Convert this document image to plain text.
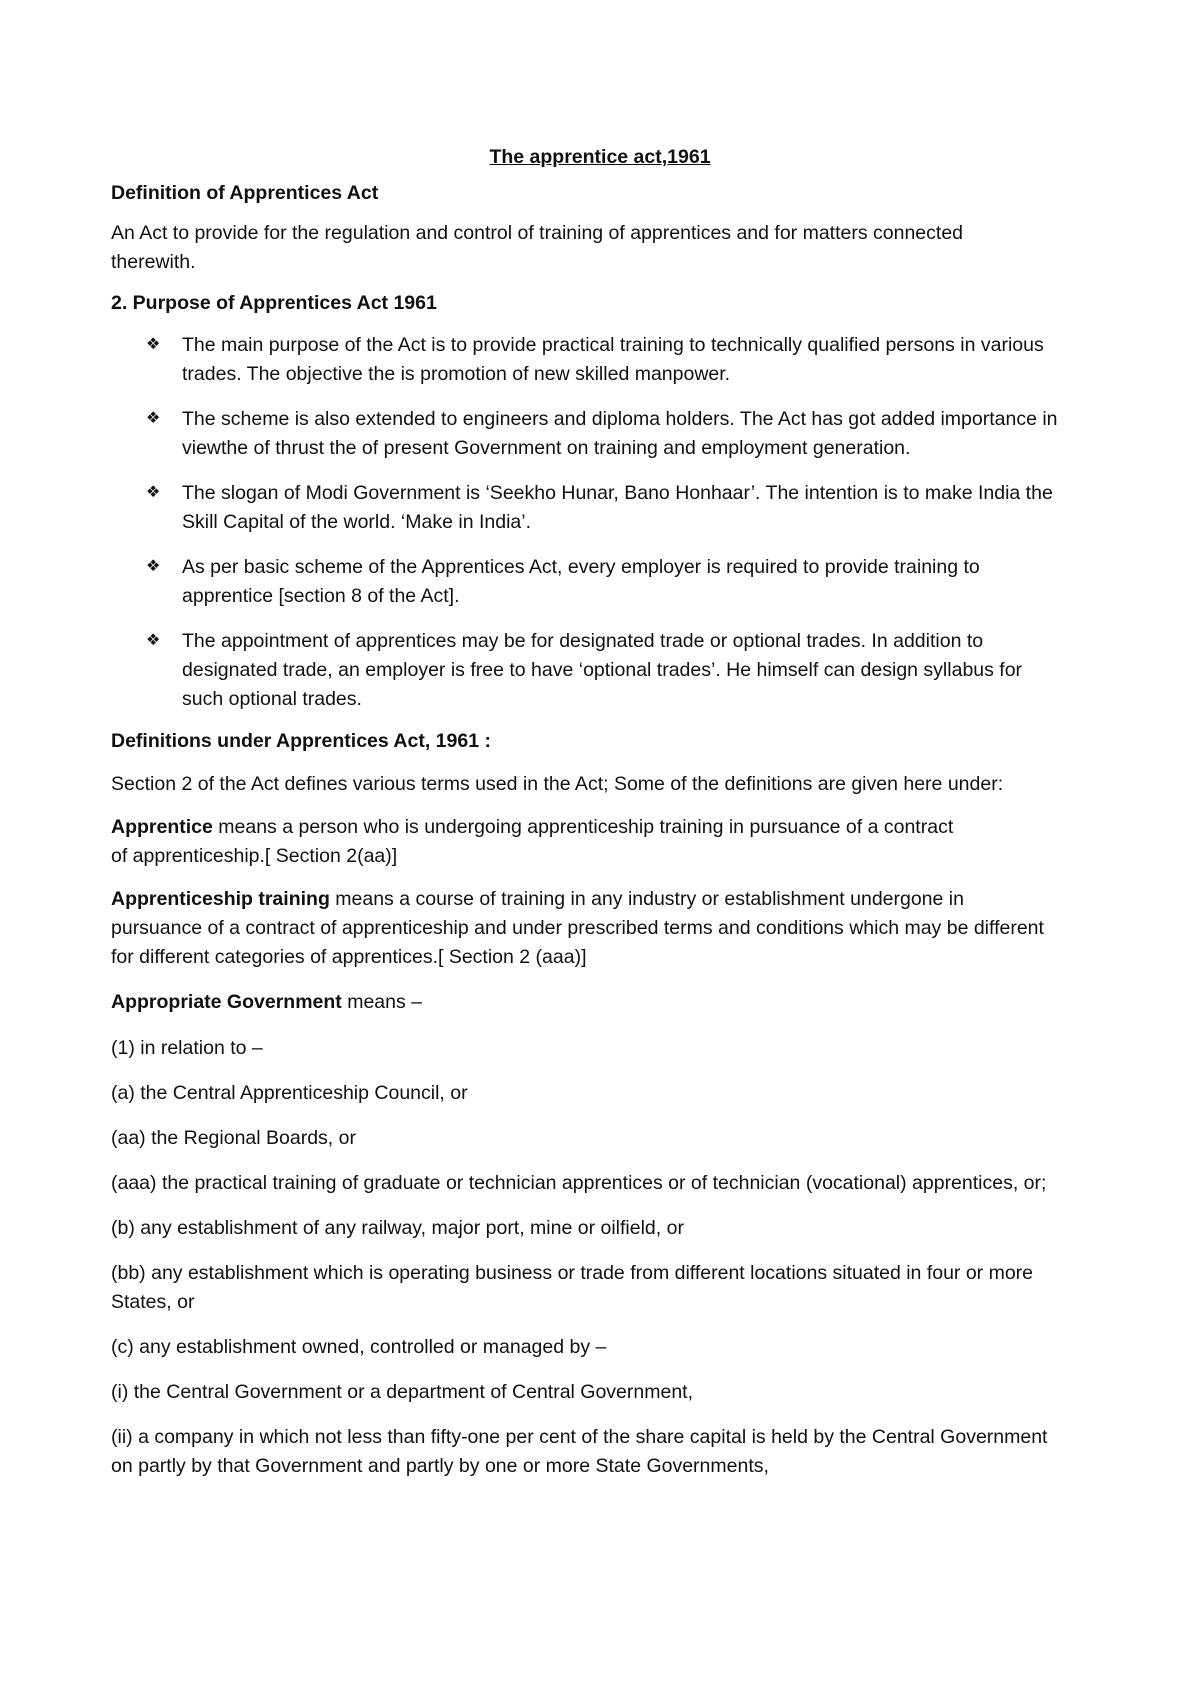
The apprentice act,1961
Definition of Apprentices Act
An Act to provide for the regulation and control of training of apprentices and for matters connected
therewith.
2. Purpose of Apprentices Act 1961
❖ The main purpose of the Act is to provide practical training to technically qualified persons in various
trades. The objective the is promotion of new skilled manpower.
❖ The scheme is also extended to engineers and diploma holders. The Act has got added importance in
viewthe of thrust the of present Government on training and employment generation.
❖ The slogan of Modi Government is ‘Seekho Hunar, Bano Honhaar’. The intention is to make India the
Skill Capital of the world. ‘Make in India’.
❖ As per basic scheme of the Apprentices Act, every employer is required to provide training to
apprentice [section 8 of the Act].
❖ The appointment of apprentices may be for designated trade or optional trades. In addition to
designated trade, an employer is free to have ‘optional trades’. He himself can design syllabus for
such optional trades.
Definitions under Apprentices Act, 1961 :
Section 2 of the Act defines various terms used in the Act; Some of the definitions are given here under:
Apprentice means a person who is undergoing apprenticeship training in pursuance of a contract
of apprenticeship.[ Section 2(aa)]
Apprenticeship training means a course of training in any industry or establishment undergone in
pursuance of a contract of apprenticeship and under prescribed terms and conditions which may be different
for different categories of apprentices.[ Section 2 (aaa)]
Appropriate Government means –
(1) in relation to –
(a) the Central Apprenticeship Council, or
(aa) the Regional Boards, or
(aaa) the practical training of graduate or technician apprentices or of technician (vocational) apprentices, or;
(b) any establishment of any railway, major port, mine or oilfield, or
(bb) any establishment which is operating business or trade from different locations situated in four or more
States, or
(c) any establishment owned, controlled or managed by –
(i) the Central Government or a department of Central Government,
(ii) a company in which not less than fifty-one per cent of the share capital is held by the Central Government
on partly by that Government and partly by one or more State Governments,
